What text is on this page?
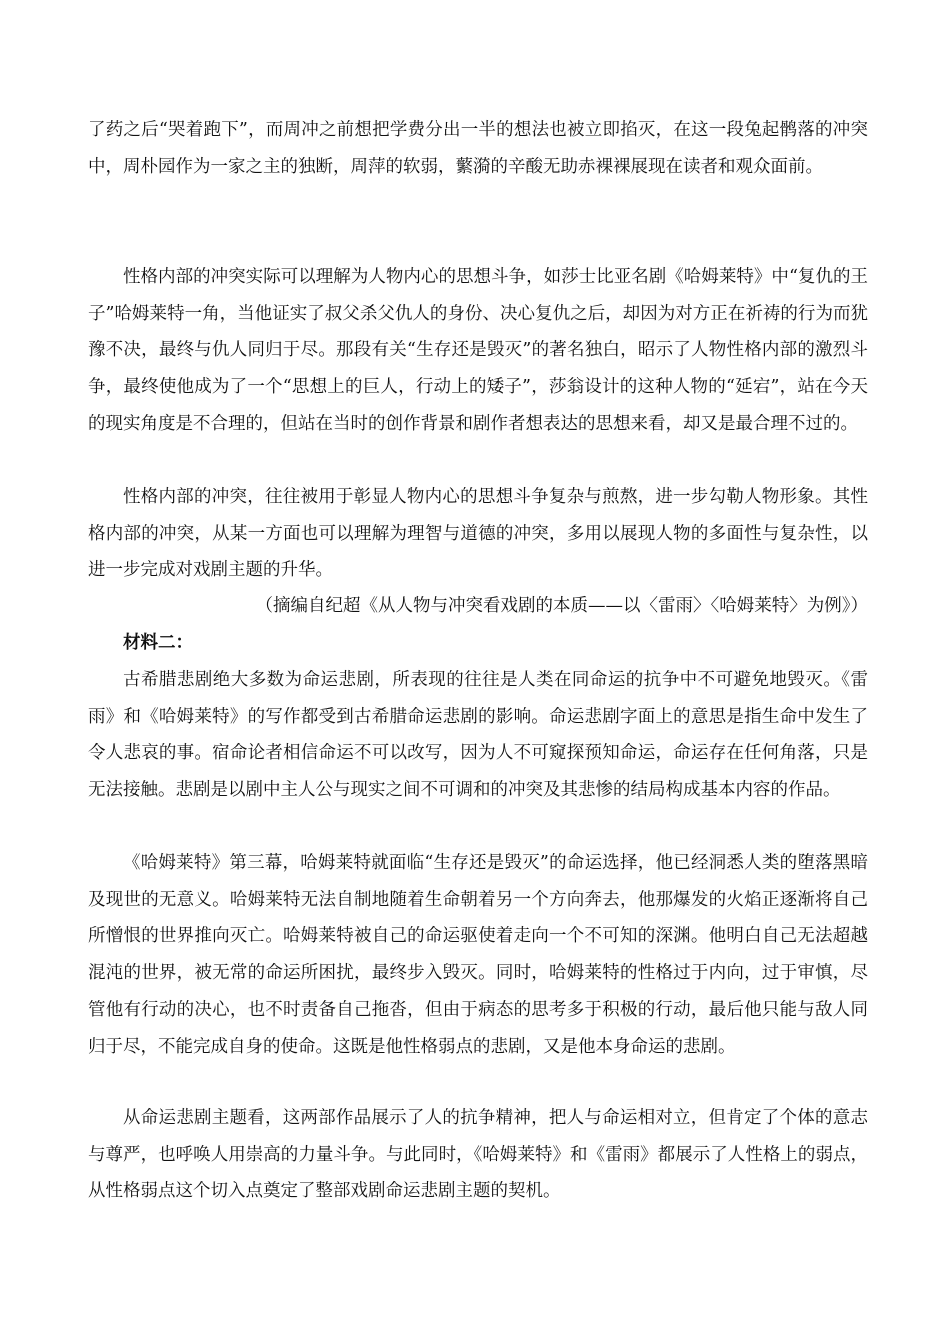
了药之后“哭着跑下”，而周冲之前想把学费分出一半的想法也被立即掐灭，在这一段兔起鹘落的冲突中，周朴园作为一家之主的独断，周萍的软弱，蘩漪的辛酸无助赤裸裸展现在读者和观众面前。

性格内部的冲突实际可以理解为人物内心的思想斗争，如莎士比亚名剧《哈姆莱特》中“复仇的王子”哈姆莱特一角，当他证实了叔父杀父仇人的身份、决心复仇之后，却因为对方正在祈祷的行为而犹豫不决，最终与仇人同归于尽。那段有关“生存还是毁灭”的著名独白，昭示了人物性格内部的激烈斗争，最终使他成为了一个“思想上的巨人，行动上的矮子”，莎翁设计的这种人物的“延宕”，站在今天的现实角度是不合理的，但站在当时的创作背景和剧作者想表达的思想来看，却又是最合理不过的。

性格内部的冲突，往往被用于彰显人物内心的思想斗争复杂与煎熬，进一步勾勒人物形象。其性格内部的冲突，从某一方面也可以理解为理智与道德的冲突，多用以展现人物的多面性与复杂性，以进一步完成对戏剧主题的升华。

（摘编自纪超《从人物与冲突看戏剧的本质——以〈雷雨〉〈哈姆莱特〉为例》）

材料二：

古希腊悲剧绝大多数为命运悲剧，所表现的往往是人类在同命运的抗争中不可避免地毁灭。《雷雨》和《哈姆莱特》的写作都受到古希腊命运悲剧的影响。命运悲剧字面上的意思是指生命中发生了令人悲哀的事。宿命论者相信命运不可以改写，因为人不可窥探预知命运，命运存在任何角落，只是无法接触。悲剧是以剧中主人公与现实之间不可调和的冲突及其悲惨的结局构成基本内容的作品。

《哈姆莱特》第三幕，哈姆莱特就面临“生存还是毁灭”的命运选择，他已经洞悉人类的堕落黑暗及现世的无意义。哈姆莱特无法自制地随着生命朝着另一个方向奔去，他那爆发的火焰正逐渐将自己所憎恨的世界推向灭亡。哈姆莱特被自己的命运驱使着走向一个不可知的深渊。他明白自己无法超越混沌的世界，被无常的命运所困扰，最终步入毁灭。同时，哈姆莱特的性格过于内向，过于审慎，尽管他有行动的决心，也不时责备自己拖沓，但由于病态的思考多于积极的行动，最后他只能与敌人同归于尽，不能完成自身的使命。这既是他性格弱点的悲剧，又是他本身命运的悲剧。

从命运悲剧主题看，这两部作品展示了人的抗争精神，把人与命运相对立，但肯定了个体的意志与尊严，也呼唤人用崇高的力量斗争。与此同时，《哈姆莱特》和《雷雨》都展示了人性格上的弱点，从性格弱点这个切入点奠定了整部戏剧命运悲剧主题的契机。
